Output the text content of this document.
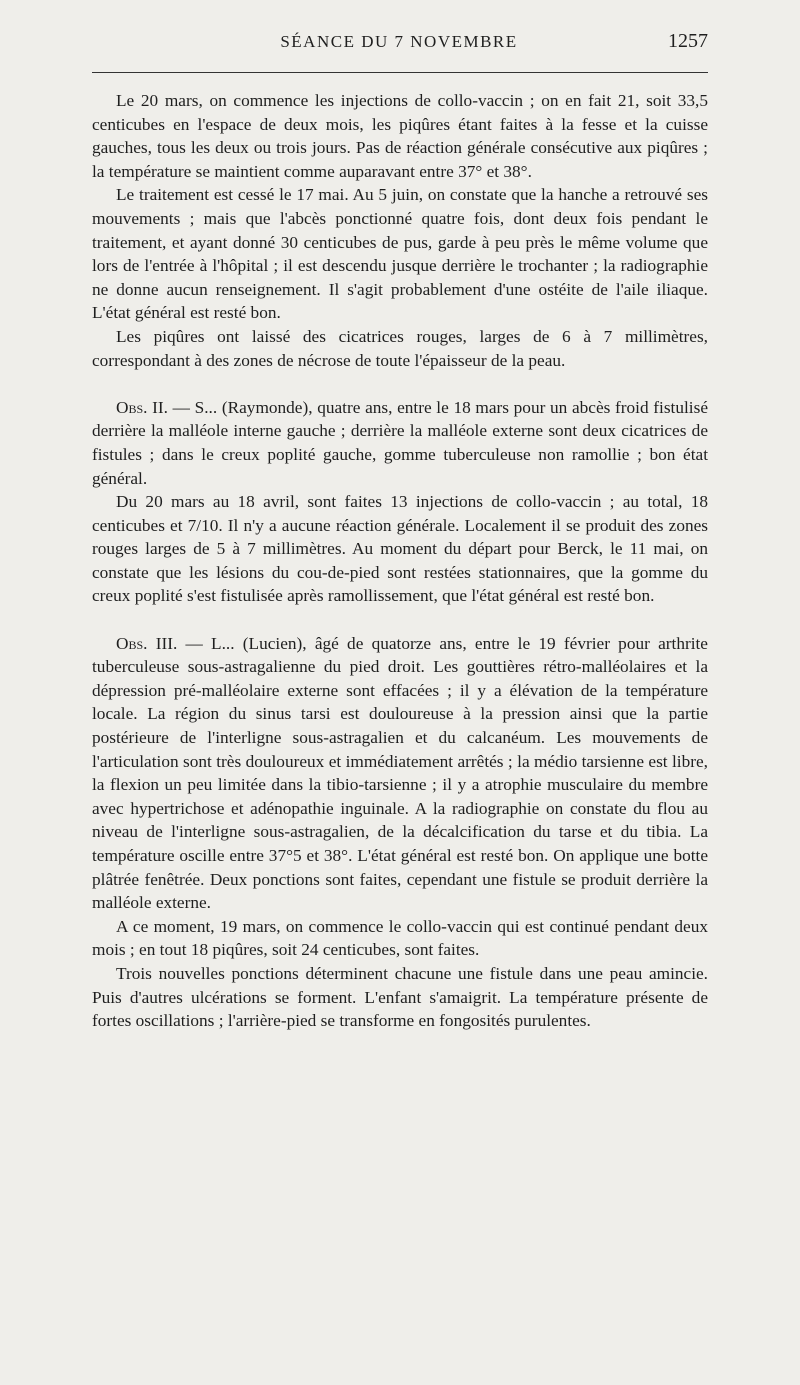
SÉANCE DU 7 NOVEMBRE	1257

Le 20 mars, on commence les injections de collo-vaccin ; on en fait 21, soit 33,5 centicubes en l'espace de deux mois, les piqûres étant faites à la fesse et la cuisse gauches, tous les deux ou trois jours. Pas de réaction générale consécutive aux piqûres ; la température se maintient comme auparavant entre 37° et 38°.

Le traitement est cessé le 17 mai. Au 5 juin, on constate que la hanche a retrouvé ses mouvements ; mais que l'abcès ponctionné quatre fois, dont deux fois pendant le traitement, et ayant donné 30 centicubes de pus, garde à peu près le même volume que lors de l'entrée à l'hôpital ; il est descendu jusque derrière le trochanter ; la radiographie ne donne aucun renseignement. Il s'agit probablement d'une ostéite de l'aile iliaque. L'état général est resté bon.

Les piqûres ont laissé des cicatrices rouges, larges de 6 à 7 millimètres, correspondant à des zones de nécrose de toute l'épaisseur de la peau.

Obs. II. — S... (Raymonde), quatre ans, entre le 18 mars pour un abcès froid fistulisé derrière la malléole interne gauche ; derrière la malléole externe sont deux cicatrices de fistules ; dans le creux poplité gauche, gomme tuberculeuse non ramollie ; bon état général.

Du 20 mars au 18 avril, sont faites 13 injections de collo-vaccin ; au total, 18 centicubes et 7/10. Il n'y a aucune réaction générale. Localement il se produit des zones rouges larges de 5 à 7 millimètres. Au moment du départ pour Berck, le 11 mai, on constate que les lésions du cou-de-pied sont restées stationnaires, que la gomme du creux poplité s'est fistulisée après ramollissement, que l'état général est resté bon.

Obs. III. — L... (Lucien), âgé de quatorze ans, entre le 19 février pour arthrite tuberculeuse sous-astragalienne du pied droit. Les gouttières rétro-malléolaires et la dépression pré-malléolaire externe sont effacées ; il y a élévation de la température locale. La région du sinus tarsi est douloureuse à la pression ainsi que la partie postérieure de l'interligne sous-astragalien et du calcanéum. Les mouvements de l'articulation sont très douloureux et immédiatement arrêtés ; la médio tarsienne est libre, la flexion un peu limitée dans la tibio-tarsienne ; il y a atrophie musculaire du membre avec hypertrichose et adénopathie inguinale. A la radiographie on constate du flou au niveau de l'interligne sous-astragalien, de la décalcification du tarse et du tibia. La température oscille entre 37°5 et 38°. L'état général est resté bon. On applique une botte plâtrée fenêtrée. Deux ponctions sont faites, cependant une fistule se produit derrière la malléole externe.

A ce moment, 19 mars, on commence le collo-vaccin qui est continué pendant deux mois ; en tout 18 piqûres, soit 24 centicubes, sont faites.

Trois nouvelles ponctions déterminent chacune une fistule dans une peau amincie. Puis d'autres ulcérations se forment. L'enfant s'amaigrit. La température présente de fortes oscillations ; l'arrière-pied se transforme en fongosités purulentes.
